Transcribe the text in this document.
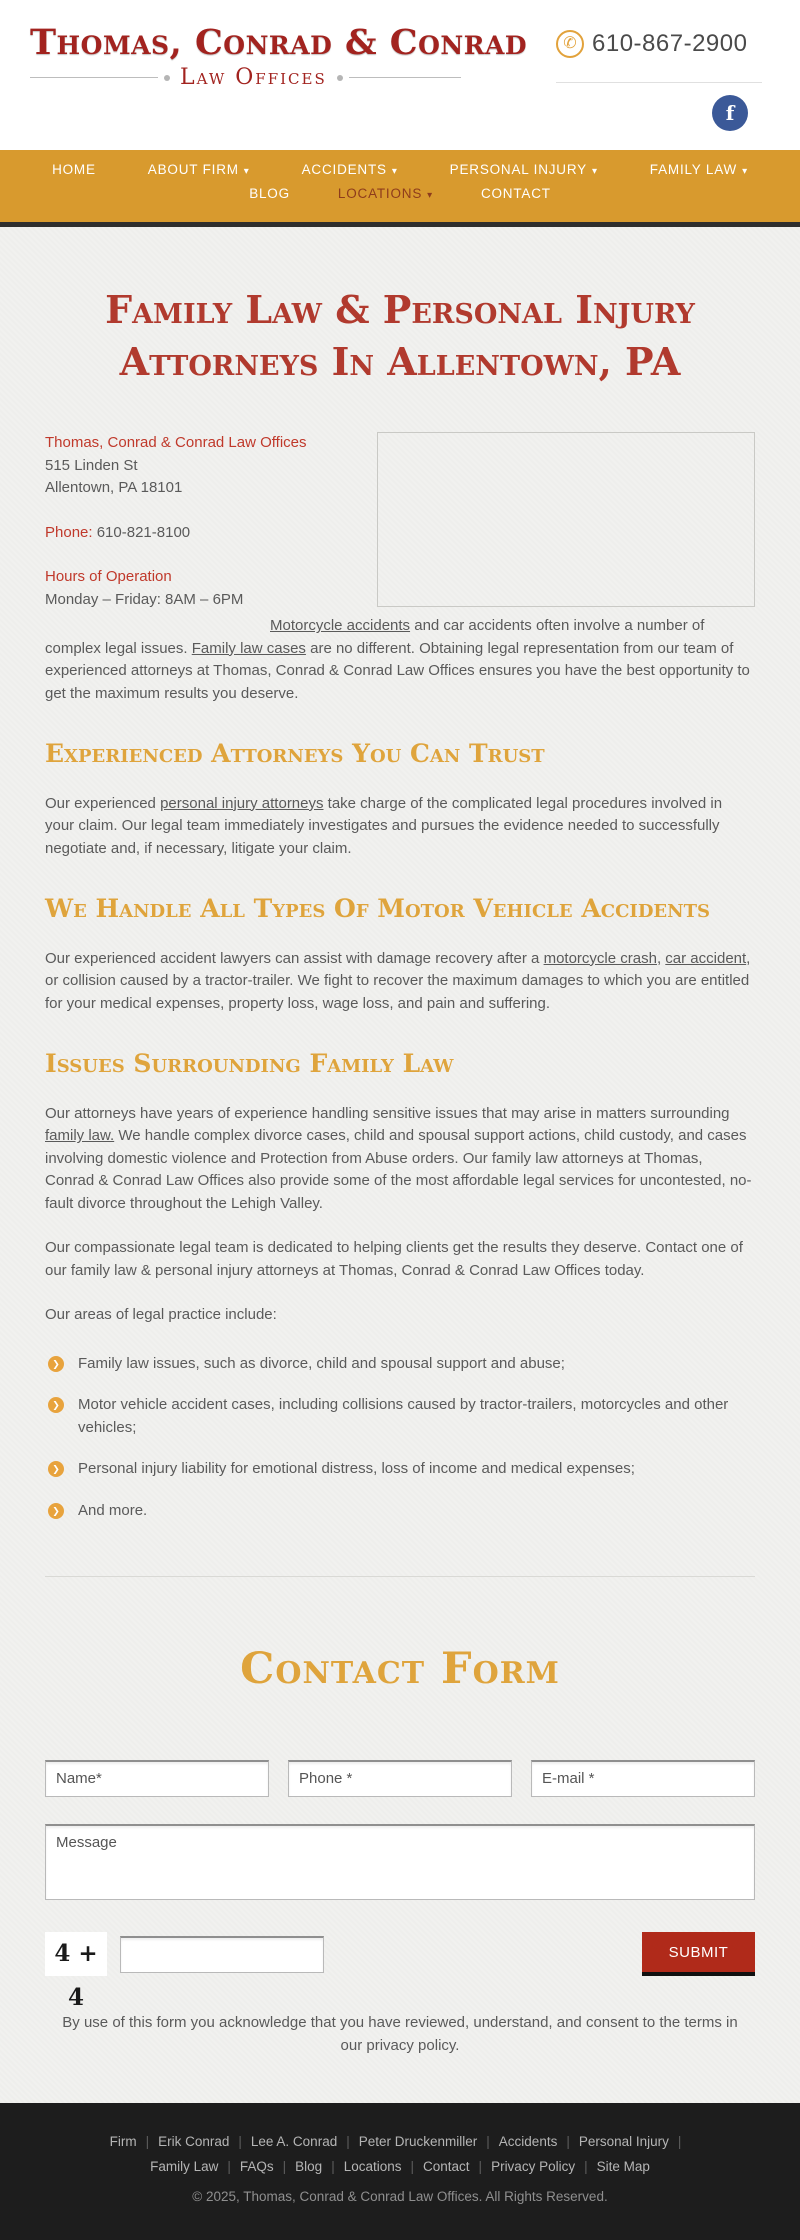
Thomas, Conrad & Conrad
Law Offices
✆ 610-867-2900
f
HOME	ABOUT FIRM ▾	ACCIDENTS ▾	PERSONAL INJURY ▾	FAMILY LAW ▾
BLOG	LOCATIONS ▾	CONTACT
Family Law & Personal Injury Attorneys In Allentown, PA
Thomas, Conrad & Conrad Law Offices
515 Linden St
Allentown, PA 18101
Phone: 610-821-8100
Hours of Operation
Monday – Friday: 8AM – 6PM

Motorcycle accidents and car accidents often involve a number of complex legal issues. Family law cases are no different. Obtaining legal representation from our team of experienced attorneys at Thomas, Conrad & Conrad Law Offices ensures you have the best opportunity to get the maximum results you deserve.

Experienced Attorneys You Can Trust

Our experienced personal injury attorneys take charge of the complicated legal procedures involved in your claim. Our legal team immediately investigates and pursues the evidence needed to successfully negotiate and, if necessary, litigate your claim.

We Handle All Types Of Motor Vehicle Accidents

Our experienced accident lawyers can assist with damage recovery after a motorcycle crash, car accident, or collision caused by a tractor-trailer. We fight to recover the maximum damages to which you are entitled for your medical expenses, property loss, wage loss, and pain and suffering.

Issues Surrounding Family Law

Our attorneys have years of experience handling sensitive issues that may arise in matters surrounding family law. We handle complex divorce cases, child and spousal support actions, child custody, and cases involving domestic violence and Protection from Abuse orders. Our family law attorneys at Thomas, Conrad & Conrad Law Offices also provide some of the most affordable legal services for uncontested, no-fault divorce throughout the Lehigh Valley.

Our compassionate legal team is dedicated to helping clients get the results they deserve. Contact one of our family law & personal injury attorneys at Thomas, Conrad & Conrad Law Offices today.

Our areas of legal practice include:

❯ Family law issues, such as divorce, child and spousal support and abuse;
❯ Motor vehicle accident cases, including collisions caused by tractor-trailers, motorcycles and other vehicles;
❯ Personal injury liability for emotional distress, loss of income and medical expenses;
❯ And more.
Contact Form
Name*
Phone *
E-mail *
Message
4 + 4
SUBMIT

By use of this form you acknowledge that you have reviewed, understand, and consent to the terms in our privacy policy.

Firm | Erik Conrad | Lee A. Conrad | Peter Druckenmiller | Accidents | Personal Injury |
Family Law | FAQs | Blog | Locations | Contact | Privacy Policy | Site Map
© 2025, Thomas, Conrad & Conrad Law Offices. All Rights Reserved.
